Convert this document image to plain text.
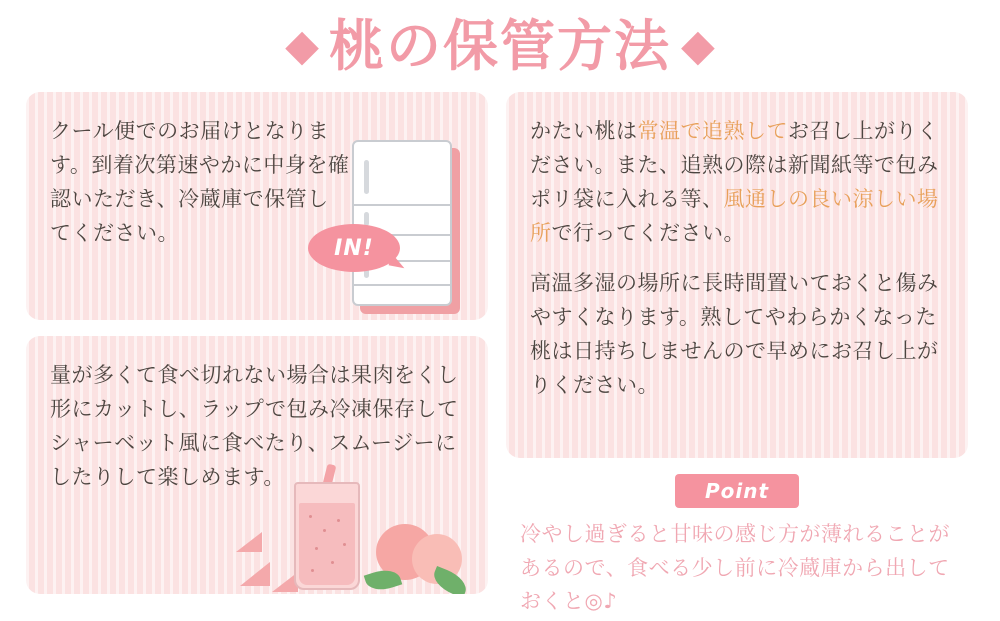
◆ 桃の保管方法 ◆

クール便でのお届けとなります。到着次第速やかに中身を確認いただき、冷蔵庫で保管してください。

IN!

量が多くて食べ切れない場合は果肉をくし形にカットし、ラップで包み冷凍保存してシャーベット風に食べたり、スムージーにしたりして楽しめます。

かたい桃は常温で追熟してお召し上がりください。また、追熟の際は新聞紙等で包みポリ袋に入れる等、風通しの良い涼しい場所で行ってください。

高温多湿の場所に長時間置いておくと傷みやすくなります。熟してやわらかくなった桃は日持ちしませんので早めにお召し上がりください。

Point

冷やし過ぎると甘味の感じ方が薄れることがあるので、食べる少し前に冷蔵庫から出しておくと◎♪
